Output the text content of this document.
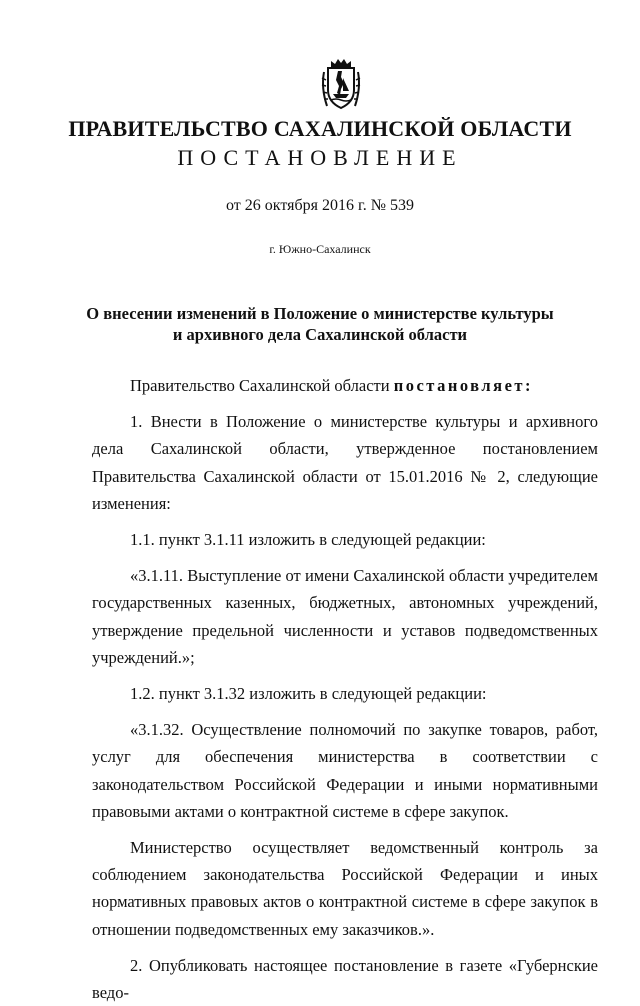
ПРАВИТЕЛЬСТВО САХАЛИНСКОЙ ОБЛАСТИ
ПОСТАНОВЛЕНИЕ
от 26 октября 2016 г. № 539
г. Южно-Сахалинск
О внесении изменений в Положение о министерстве культуры
и архивного дела Сахалинской области

Правительство Сахалинской области постановляет:

1. Внести в Положение о министерстве культуры и архивного дела Сахалинской области, утвержденное постановлением Правительства Сахалинской области от 15.01.2016 № 2, следующие изменения:

1.1. пункт 3.1.11 изложить в следующей редакции:

«3.1.11. Выступление от имени Сахалинской области учредителем государственных казенных, бюджетных, автономных учреждений, утверждение предельной численности и уставов подведомственных учреждений.»;

1.2. пункт 3.1.32 изложить в следующей редакции:

«3.1.32. Осуществление полномочий по закупке товаров, работ, услуг для обеспечения министерства в соответствии с законодательством Российской Федерации и иными нормативными правовыми актами о контрактной системе в сфере закупок.

Министерство осуществляет ведомственный контроль за соблюдением законодательства Российской Федерации и иных нормативных правовых актов о контрактной системе в сфере закупок в отношении подведомственных ему заказчиков.».

2. Опубликовать настоящее постановление в газете «Губернские ведо-
